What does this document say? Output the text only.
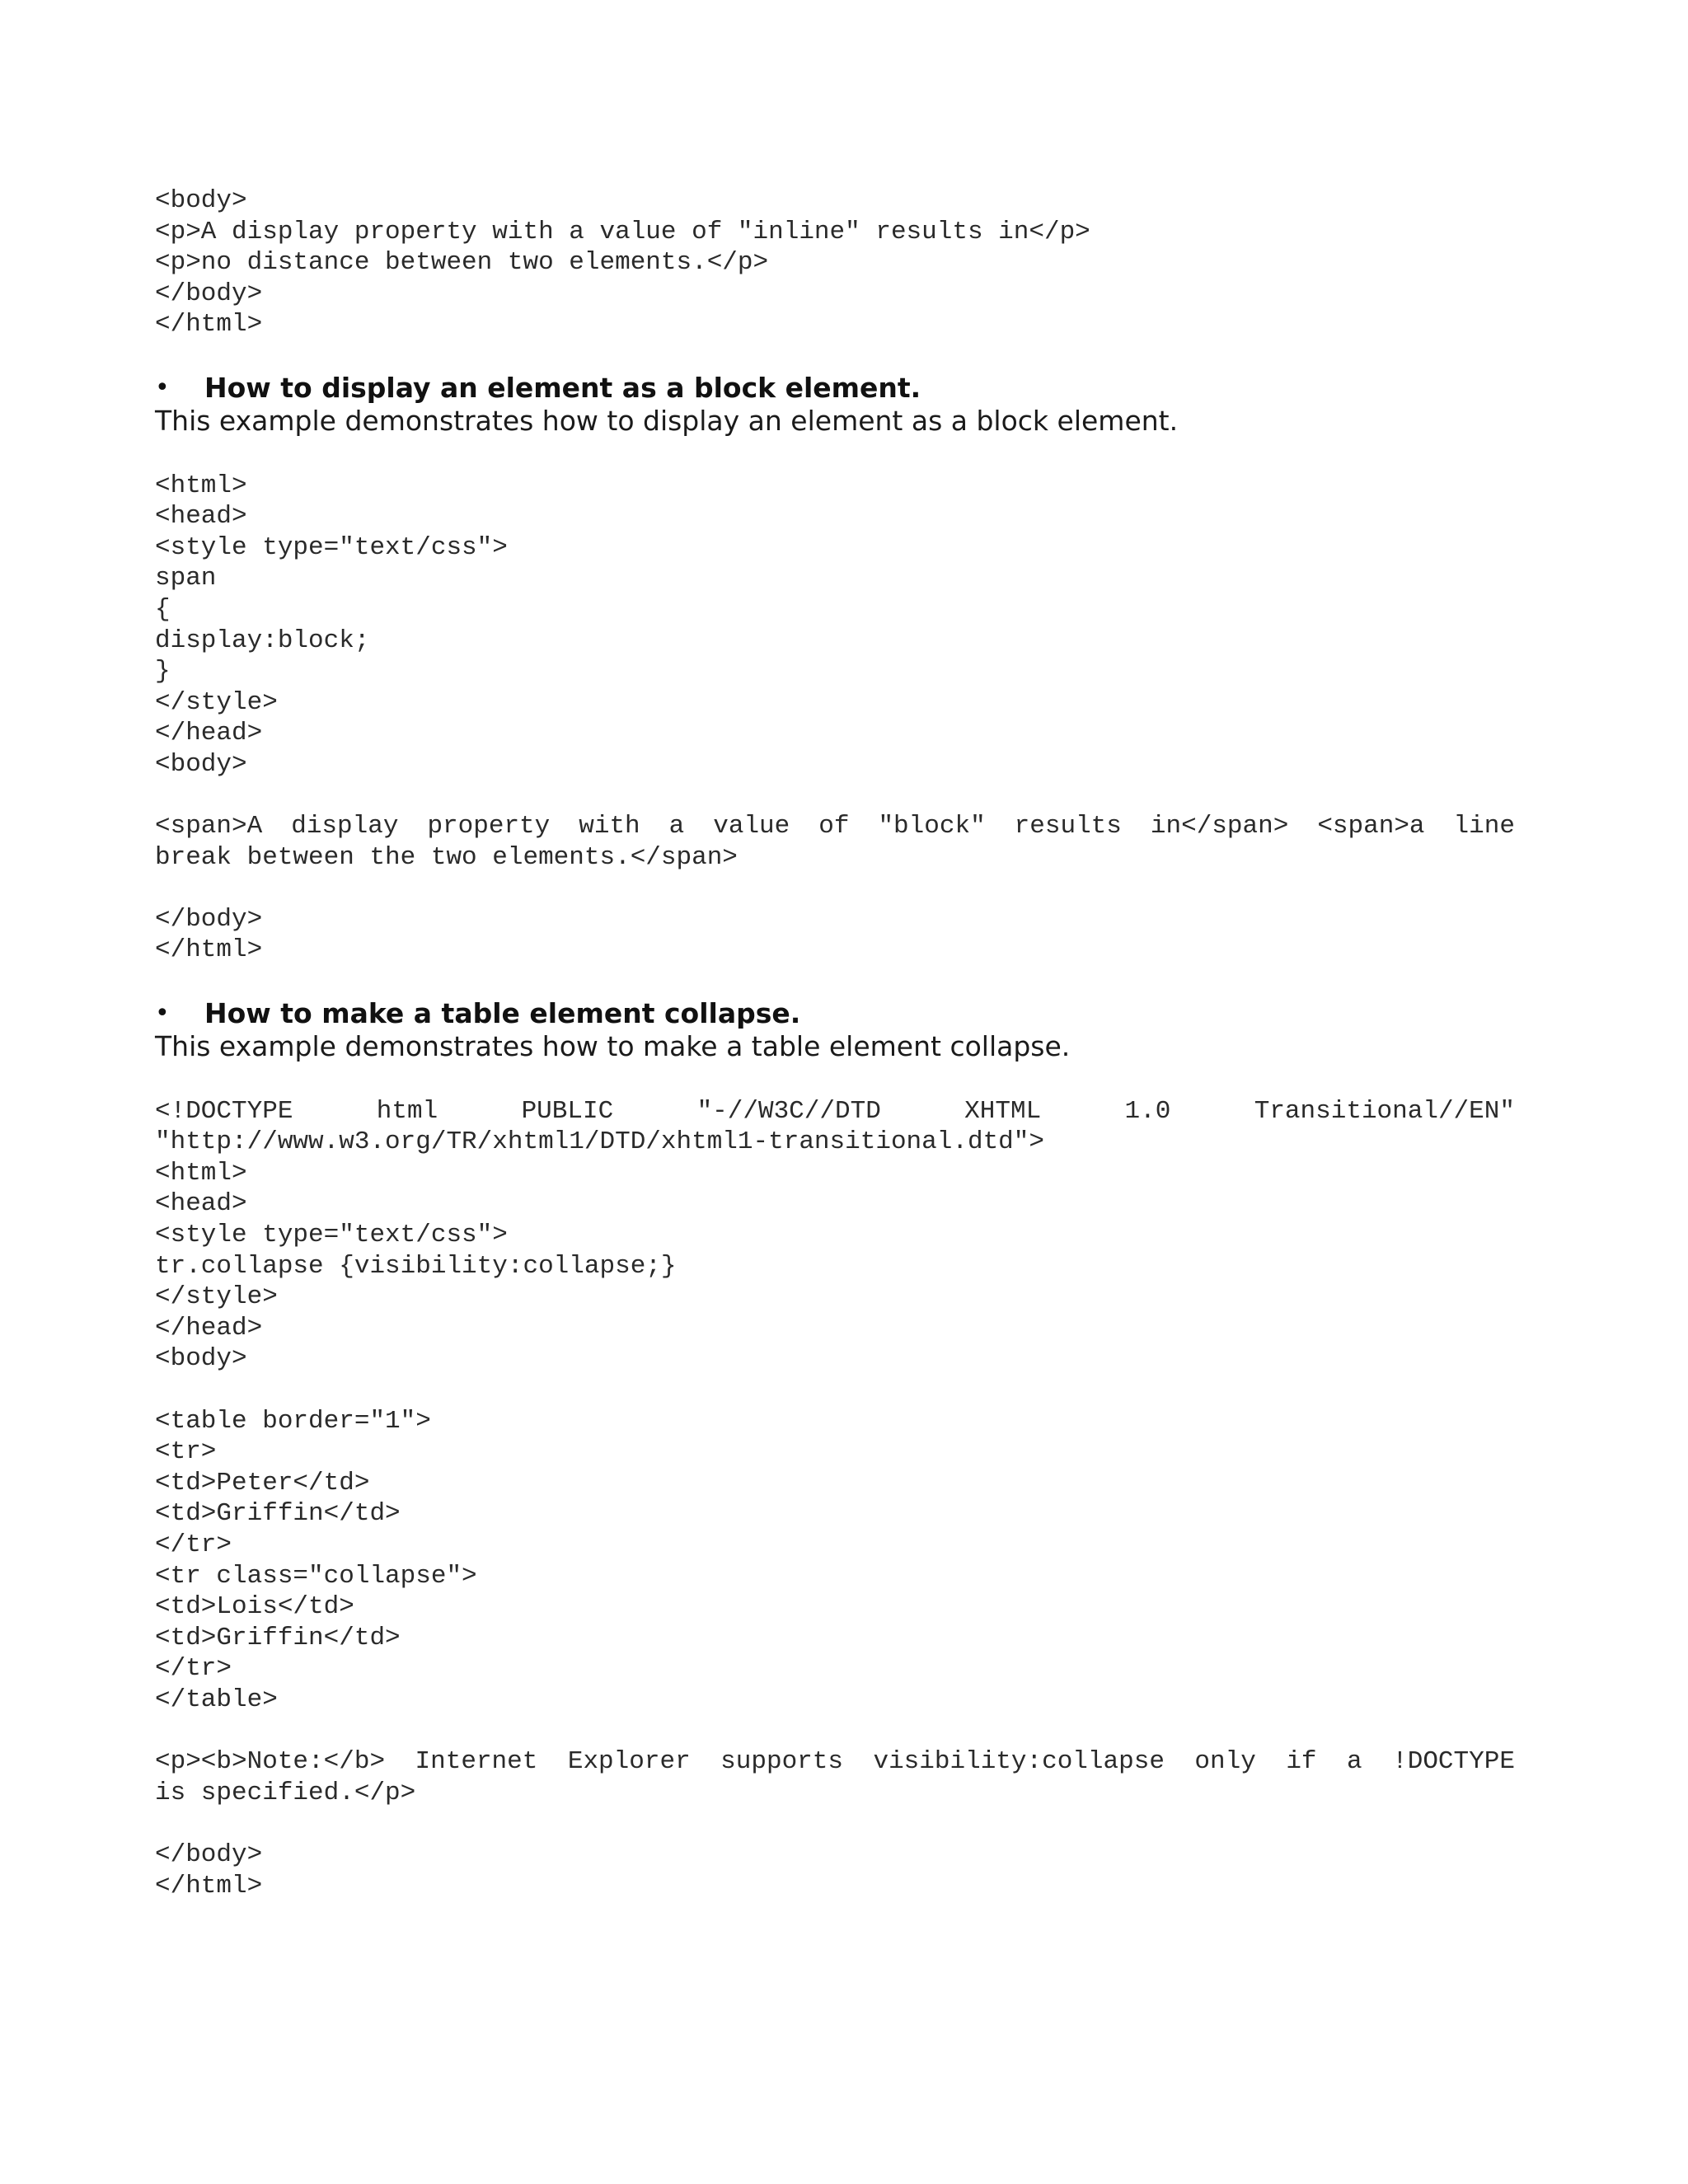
<body>
<p>A display property with a value of "inline" results in</p>
<p>no distance between two elements.</p>
</body>
</html>
• How to display an element as a block element.
This example demonstrates how to display an element as a block element.
<html>
<head>
<style type="text/css">
span
{
display:block;
}
</style>
</head>
<body>
<span>A display property with a value of "block" results in</span> <span>a line
break between the two elements.</span>
</body>
</html>
• How to make a table element collapse.
This example demonstrates how to make a table element collapse.
<!DOCTYPE	html	PUBLIC	"-//W3C//DTD	XHTML	1.0	Transitional//EN"
"http://www.w3.org/TR/xhtml1/DTD/xhtml1-transitional.dtd">
<html>
<head>
<style type="text/css">
tr.collapse {visibility:collapse;}
</style>
</head>
<body>
<table border="1">
<tr>
<td>Peter</td>
<td>Griffin</td>
</tr>
<tr class="collapse">
<td>Lois</td>
<td>Griffin</td>
</tr>
</table>
<p><b>Note:</b> Internet Explorer supports visibility:collapse only if a !DOCTYPE
is specified.</p>
</body>
</html>
